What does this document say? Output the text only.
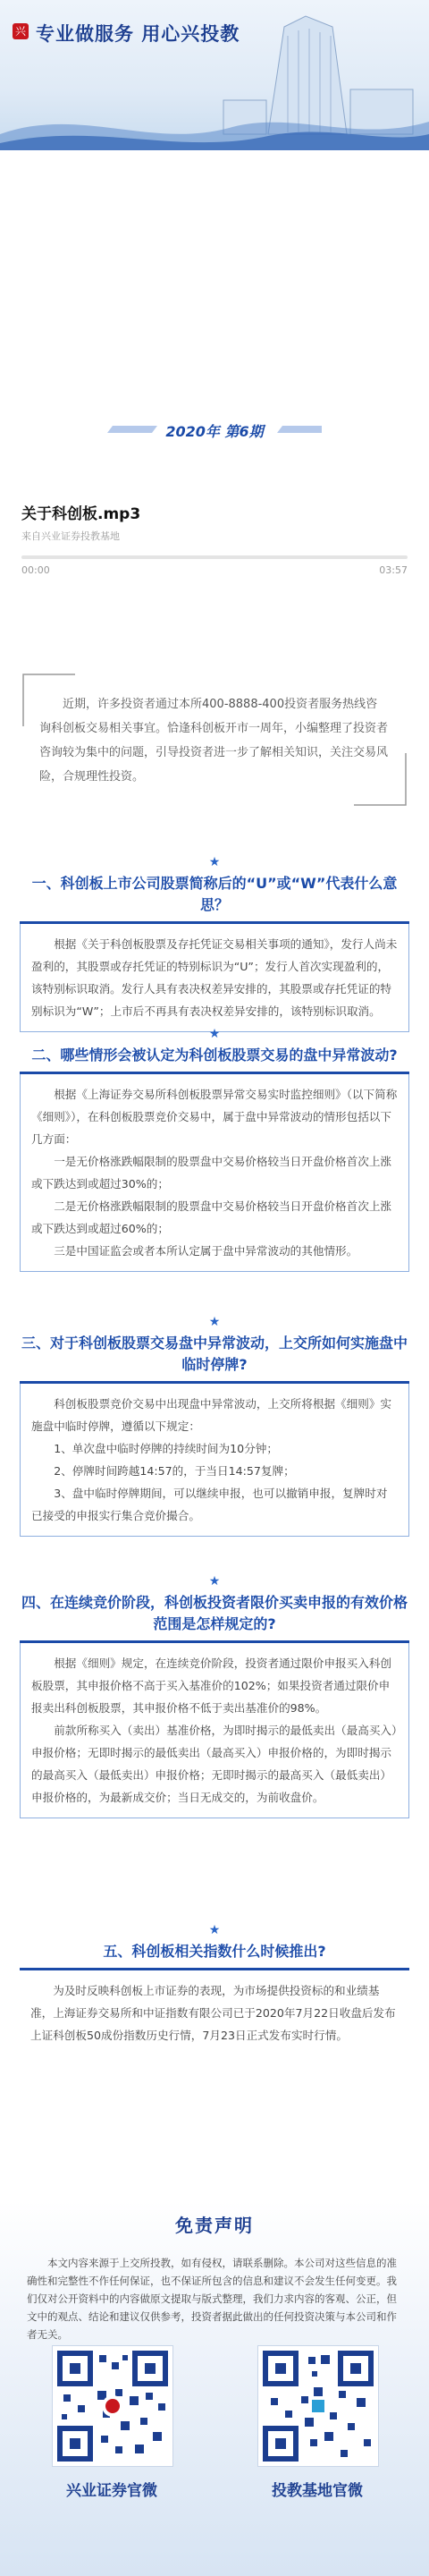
兴 专业做服务 用心兴投教
2020年 第6期
关于科创板.mp3
来自兴业证券投教基地
00:00	03:57
近期，许多投资者通过本所400-8888-400投资者服务热线咨询科创板交易相关事宜。恰逢科创板开市一周年，小编整理了投资者咨询较为集中的问题，引导投资者进一步了解相关知识，关注交易风险，合规理性投资。
★
一、科创板上市公司股票简称后的“U”或“W”代表什么意思？

根据《关于科创板股票及存托凭证交易相关事项的通知》，发行人尚未盈利的，其股票或存托凭证的特别标识为“U”；发行人首次实现盈利的，该特别标识取消。发行人具有表决权差异安排的，其股票或存托凭证的特别标识为“W”；上市后不再具有表决权差异安排的，该特别标识取消。

★
二、哪些情形会被认定为科创板股票交易的盘中异常波动?

根据《上海证券交易所科创板股票异常交易实时监控细则》（以下简称《细则》），在科创板股票竞价交易中，属于盘中异常波动的情形包括以下几方面：

一是无价格涨跌幅限制的股票盘中交易价格较当日开盘价格首次上涨或下跌达到或超过30%的；

二是无价格涨跌幅限制的股票盘中交易价格较当日开盘价格首次上涨或下跌达到或超过60%的；

三是中国证监会或者本所认定属于盘中异常波动的其他情形。

★
三、对于科创板股票交易盘中异常波动，上交所如何实施盘中临时停牌?

科创板股票竞价交易中出现盘中异常波动，上交所将根据《细则》实施盘中临时停牌，遵循以下规定：

1、单次盘中临时停牌的持续时间为10分钟；

2、停牌时间跨越14:57的，于当日14:57复牌；

3、盘中临时停牌期间，可以继续申报，也可以撤销申报，复牌时对已接受的申报实行集合竞价撮合。

★
四、在连续竞价阶段，科创板投资者限价买卖申报的有效价格范围是怎样规定的?

根据《细则》规定，在连续竞价阶段，投资者通过限价申报买入科创板股票，其申报价格不高于买入基准价的102%；如果投资者通过限价申报卖出科创板股票，其申报价格不低于卖出基准价的98%。

前款所称买入（卖出）基准价格，为即时揭示的最低卖出（最高买入）申报价格；无即时揭示的最低卖出（最高买入）申报价格的，为即时揭示的最高买入（最低卖出）申报价格；无即时揭示的最高买入（最低卖出）申报价格的，为最新成交价；当日无成交的，为前收盘价。

★
五、科创板相关指数什么时候推出?

为及时反映科创板上市证券的表现，为市场提供投资标的和业绩基准，上海证券交易所和中证指数有限公司已于2020年7月22日收盘后发布上证科创板50成份指数历史行情，7月23日正式发布实时行情。

免责声明
本文内容来源于上交所投教，如有侵权，请联系删除。本公司对这些信息的准确性和完整性不作任何保证，也不保证所包含的信息和建议不会发生任何变更。我们仅对公开资料中的内容做原文提取与版式整理，我们力求内容的客观、公正，但文中的观点、结论和建议仅供参考，投资者据此做出的任何投资决策与本公司和作者无关。
兴业证券官微	投教基地官微
